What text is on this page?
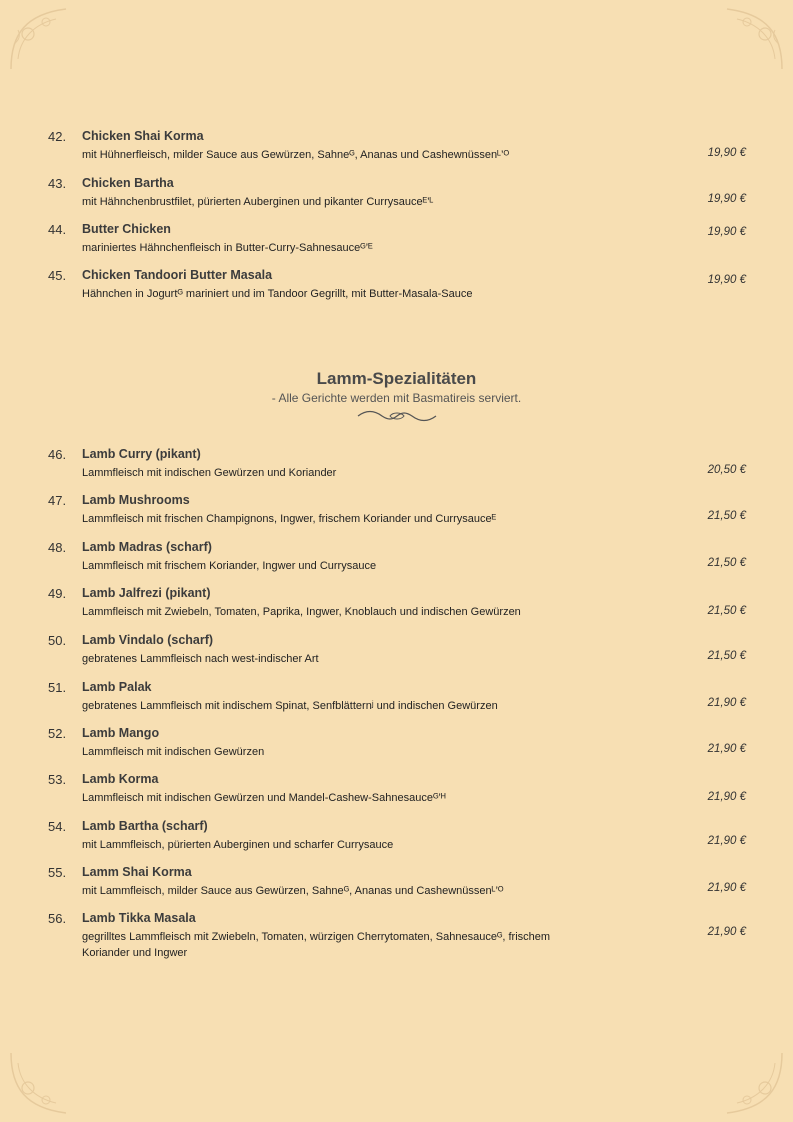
42. Chicken Shai Korma
mit Hühnerfleisch, milder Sauce aus Gewürzen, Sahneᴳ, Ananas und Cashewnüssenᴸ’ᴼ	19,90 €
43. Chicken Bartha
mit Hähnchenbrustfilet, pürierten Auberginen und pikanter Currysauceᴱ’ᴸ	19,90 €
44. Butter Chicken
mariniertes Hähnchenfleisch in Butter-Curry-Sahnesauceᴳ’ᴱ
19,90 €
45. Chicken Tandoori Butter Masala
Hähnchen in Jogurtᴳ mariniert und im Tandoor Gegrillt, mit Butter-Masala-Sauce
19,90 €
Lamm-Spezialitäten
- Alle Gerichte werden mit Basmatireis serviert.
46. Lamb Curry (pikant)
Lammfleisch mit indischen Gewürzen und Koriander	20,50 €
47. Lamb Mushrooms
Lammfleisch mit frischen Champignons, Ingwer, frischem Koriander und Currysauceᴱ	21,50 €
48. Lamb Madras (scharf)
Lammfleisch mit frischem Koriander, Ingwer und Currysauce	21,50 €
49. Lamb Jalfrezi (pikant)
Lammfleisch mit Zwiebeln, Tomaten, Paprika, Ingwer, Knoblauch und indischen Gewürzen	21,50 €
50. Lamb Vindalo (scharf)
gebratenes Lammfleisch nach west-indischer Art	21,50 €
51. Lamb Palak
gebratenes Lammfleisch mit indischem Spinat, Senfblätternʲ und indischen Gewürzen	21,90 €
52. Lamb Mango
Lammfleisch mit indischen Gewürzen	21,90 €
53. Lamb Korma
Lammfleisch mit indischen Gewürzen und Mandel-Cashew-Sahnesauceᴳ’ᴴ	21,90 €
54. Lamb Bartha (scharf)
mit Lammfleisch, pürierten Auberginen und scharfer Currysauce	21,90 €
55. Lamm Shai Korma
mit Lammfleisch, milder Sauce aus Gewürzen, Sahneᴳ, Ananas und Cashewnüssenᴸ’ᴼ	21,90 €
56. Lamb Tikka Masala
gegrilltes Lammfleisch mit Zwiebeln, Tomaten, würzigen Cherrytomaten, Sahnesauceᴳ, frischem Koriander und Ingwer
21,90 €
